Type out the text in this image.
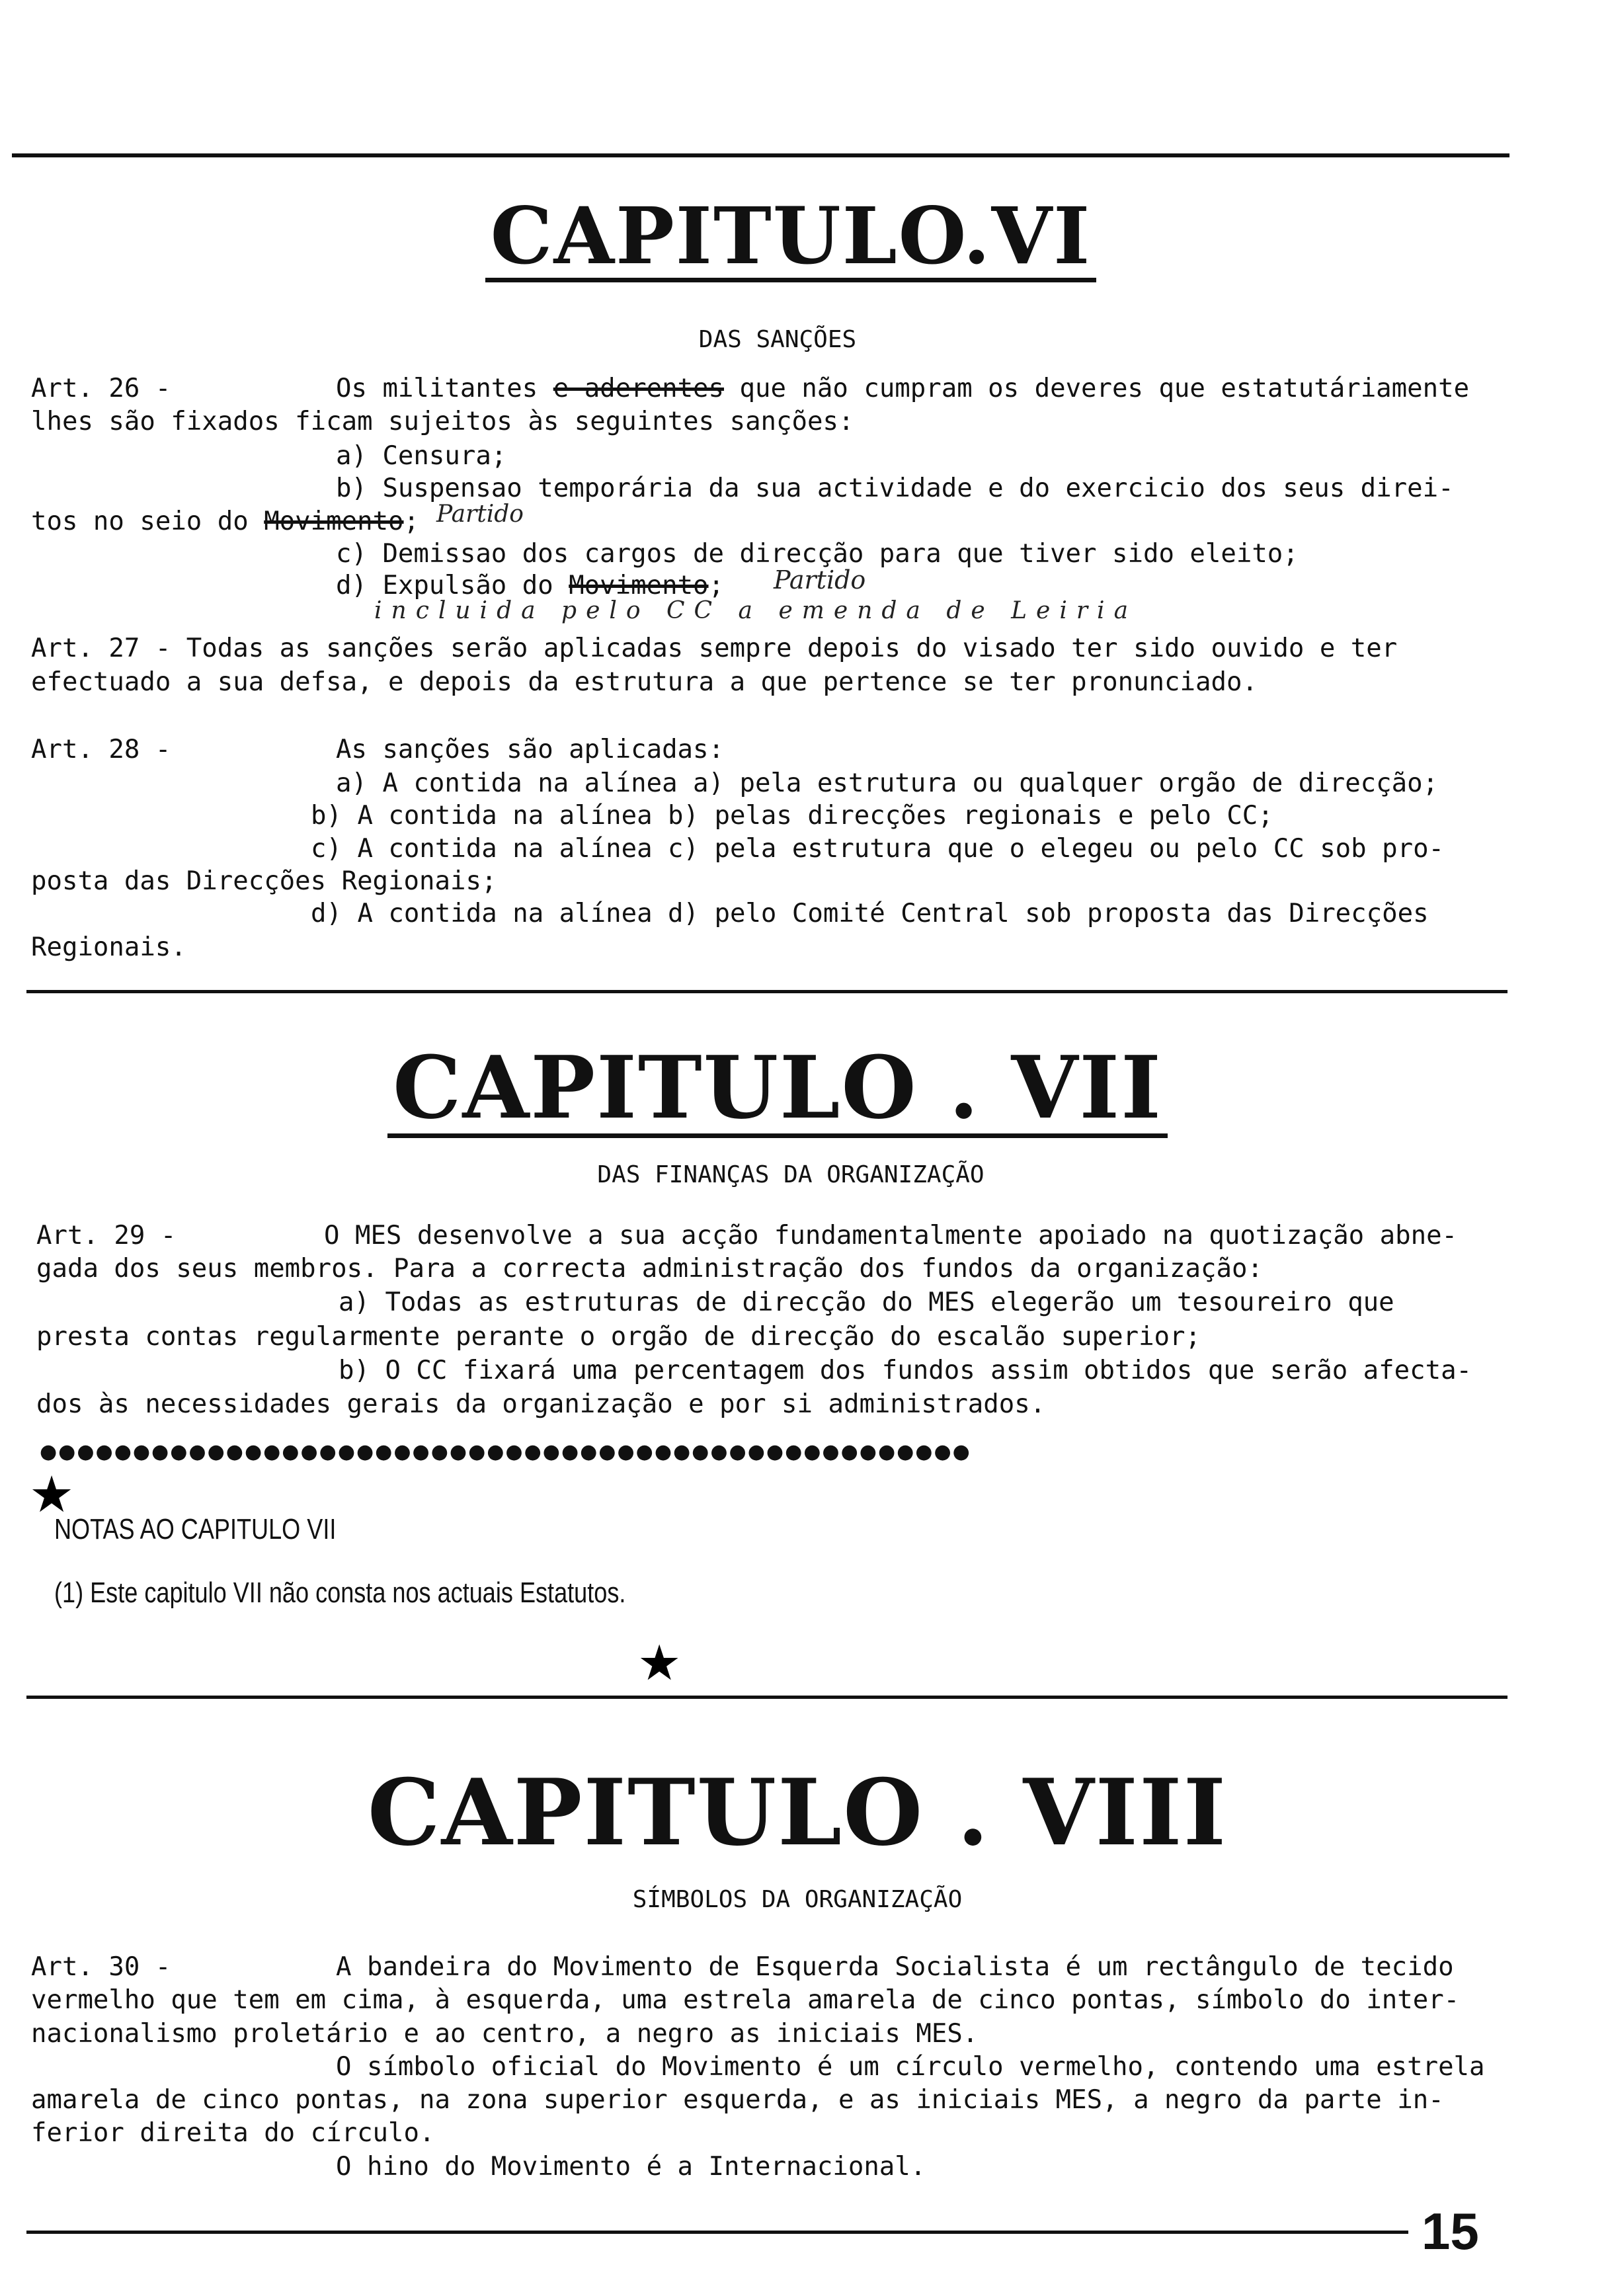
CAPITULO.VI
DAS SANÇÕES
Art. 26 -	Os militantes e aderentes que não cumpram os deveres que estatutáriamente
lhes são fixados ficam sujeitos às seguintes sanções:
a) Censura;
b) Suspensao temporária da sua actividade e do exercicio dos seus direi-
tos no seio do Movimento; Partido
c) Demissao dos cargos de direcção para que tiver sido eleito;
d) Expulsão do Movimento; Partido
incluida pelo CC a emenda de Leiria
Art. 27 - Todas as sanções serão aplicadas sempre depois do visado ter sido ouvido e ter
efectuado a sua defsa, e depois da estrutura a que pertence se ter pronunciado.
Art. 28 -	As sanções são aplicadas:
a) A contida na alínea a) pela estrutura ou qualquer orgão de direcção;
b) A contida na alínea b) pelas direcções regionais e pelo CC;
c) A contida na alínea c) pela estrutura que o elegeu ou pelo CC sob pro-
posta das Direcções Regionais;
d) A contida na alínea d) pelo Comité Central sob proposta das Direcções
Regionais.
CAPITULO . VII
DAS FINANÇAS DA ORGANIZAÇÃO
Art. 29 -	O MES desenvolve a sua acção fundamentalmente apoiado na quotização abne-
gada dos seus membros. Para a correcta administração dos fundos da organização:
a) Todas as estruturas de direcção do MES elegerão um tesoureiro que
presta contas regularmente perante o orgão de direcção do escalão superior;
b) O CC fixará uma percentagem dos fundos assim obtidos que serão afecta-
dos às necessidades gerais da organização e por si administrados.
●●●●●●●●●●●●●●●●●●●●●●●●●●●●●●●●●●●●●●●●●●●●●●●●●●
★
NOTAS AO CAPITULO VII
(1) Este capitulo VII não consta nos actuais Estatutos.
★
CAPITULO . VIII
SÍMBOLOS DA ORGANIZAÇÃO
Art. 30 -	A bandeira do Movimento de Esquerda Socialista é um rectângulo de tecido
vermelho que tem em cima, à esquerda, uma estrela amarela de cinco pontas, símbolo do inter-
nacionalismo proletário e ao centro, a negro as iniciais MES.
O símbolo oficial do Movimento é um círculo vermelho, contendo uma estrela
amarela de cinco pontas, na zona superior esquerda, e as iniciais MES, a negro da parte in-
ferior direita do círculo.
O hino do Movimento é a Internacional.
15
